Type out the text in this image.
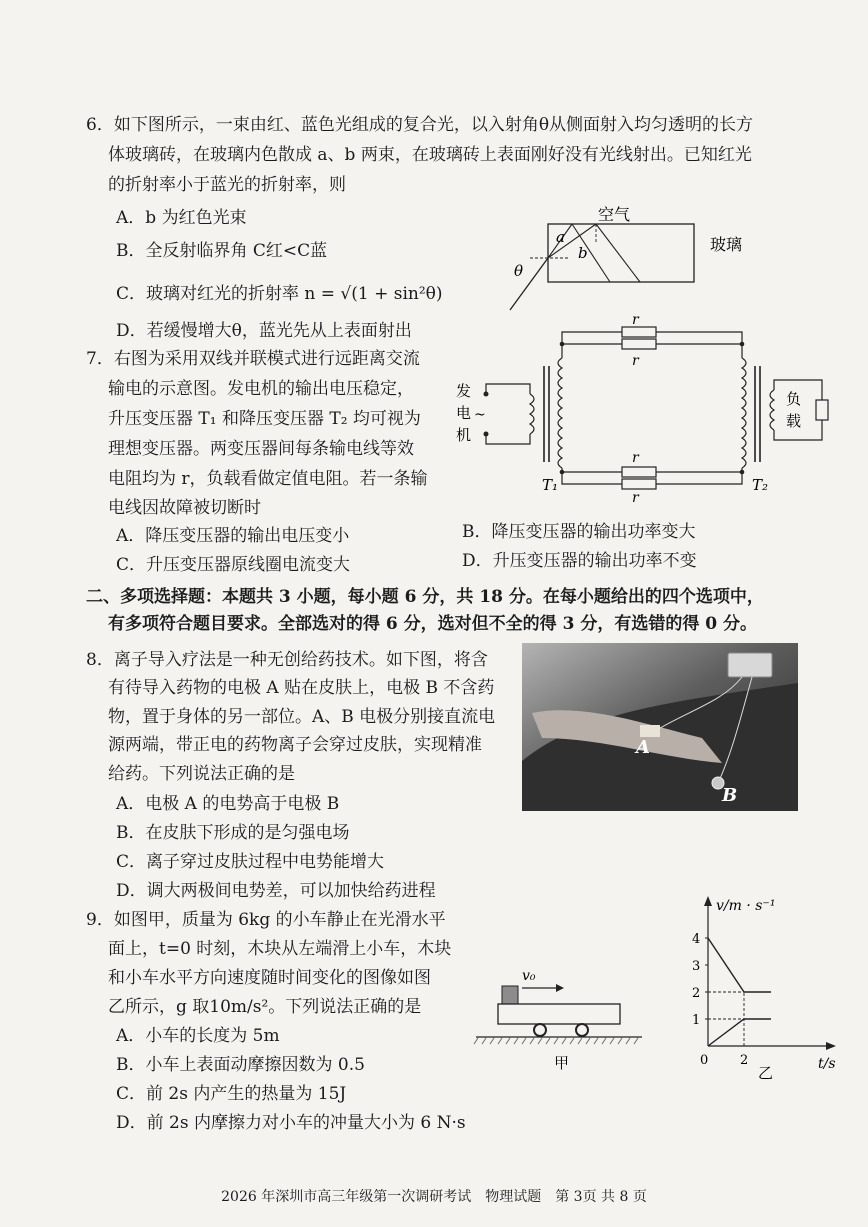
6．如下图所示，一束由红、蓝色光组成的复合光，以入射角θ从侧面射入均匀透明的长方
体玻璃砖，在玻璃内色散成 a、b 两束，在玻璃砖上表面刚好没有光线射出。已知红光
的折射率小于蓝光的折射率，则
A．b 为红色光束
B．全反射临界角 C红<C蓝
C．玻璃对红光的折射率 n = √(1 + sin²θ)
D．若缓慢增大θ，蓝光先从上表面射出
空气
玻璃
a
b
θ
7．右图为采用双线并联模式进行远距离交流
输电的示意图。发电机的输出电压稳定，
升压变压器 T₁ 和降压变压器 T₂ 均可视为
理想变压器。两变压器间每条输电线等效
电阻均为 r，负载看做定值电阻。若一条输
电线因故障被切断时
A．降压变压器的输出电压变小	B．降压变压器的输出功率变大
C．升压变压器原线圈电流变大	D．升压变压器的输出功率不变
发
电
机
~
r
r
r
r
负
载
T₁	T₂
二、多项选择题：本题共 3 小题，每小题 6 分，共 18 分。在每小题给出的四个选项中，
有多项符合题目要求。全部选对的得 6 分，选对但不全的得 3 分，有选错的得 0 分。
8．离子导入疗法是一种无创给药技术。如下图，将含
有待导入药物的电极 A 贴在皮肤上，电极 B 不含药
物，置于身体的另一部位。A、B 电极分别接直流电
源两端，带正电的药物离子会穿过皮肤，实现精准
给药。下列说法正确的是
A．电极 A 的电势高于电极 B
B．在皮肤下形成的是匀强电场
C．离子穿过皮肤过程中电势能增大
D．调大两极间电势差，可以加快给药进程
A
B
9．如图甲，质量为 6kg 的小车静止在光滑水平
面上，t=0 时刻，木块从左端滑上小车，木块
和小车水平方向速度随时间变化的图像如图
乙所示，g 取10m/s²。下列说法正确的是
A．小车的长度为 5m
B．小车上表面动摩擦因数为 0.5
C．前 2s 内产生的热量为 15J
D．前 2s 内摩擦力对小车的冲量大小为 6 N·s
v₀
甲
v/m · s⁻¹
t/s
乙
1
2
3
4
0 2
2026 年深圳市高三年级第一次调研考试　物理试题　第 3页 共 8 页
